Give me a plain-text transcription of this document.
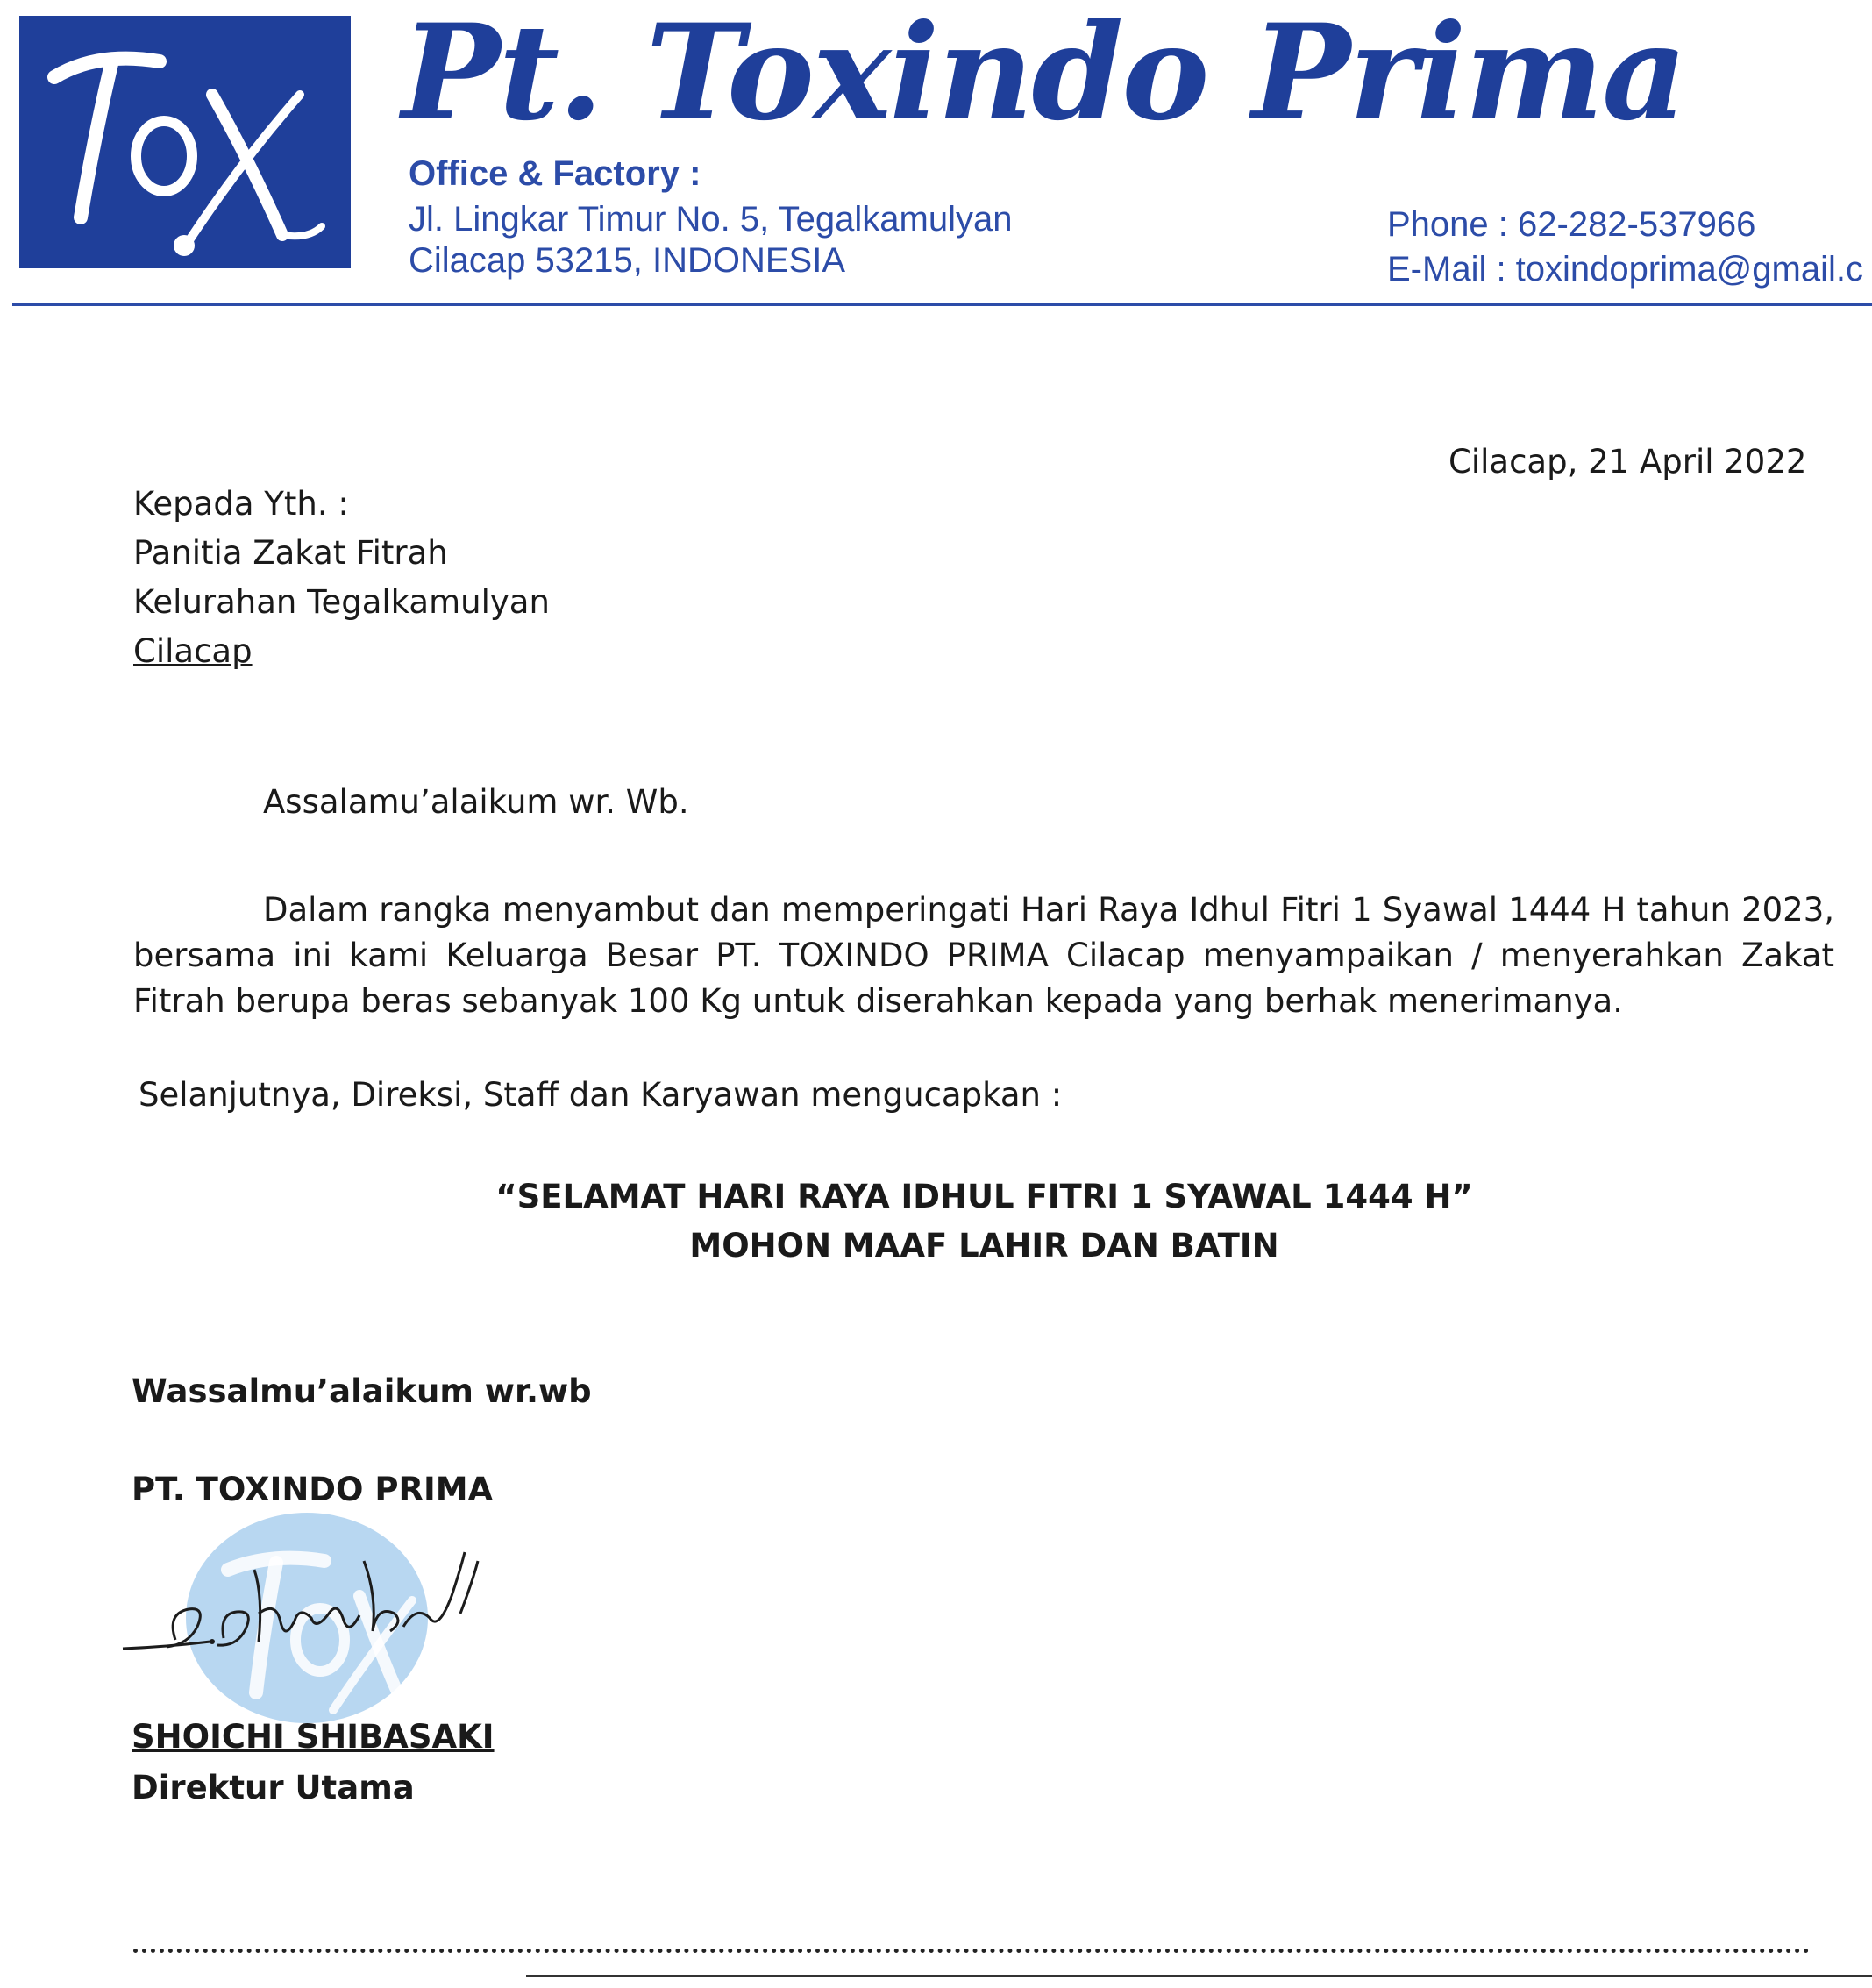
Pt. Toxindo Prima
Office & Factory :
Jl. Lingkar Timur No. 5, Tegalkamulyan
Cilacap 53215, INDONESIA
Phone : 62-282-537966
E-Mail : toxindoprima@gmail.c
Cilacap, 21 April 2022
Kepada Yth. :
Panitia Zakat Fitrah
Kelurahan Tegalkamulyan
Cilacap
Assalamu’alaikum wr. Wb.
Dalam rangka menyambut dan memperingati Hari Raya Idhul Fitri 1 Syawal 1444 H tahun 2023, bersama ini kami Keluarga Besar PT. TOXINDO PRIMA Cilacap menyampaikan / menyerahkan Zakat Fitrah berupa beras sebanyak 100 Kg untuk diserahkan kepada yang berhak menerimanya.
Selanjutnya, Direksi, Staff dan Karyawan mengucapkan :
“SELAMAT HARI RAYA IDHUL FITRI 1 SYAWAL 1444 H”
MOHON MAAF LAHIR DAN BATIN
Wassalmu’alaikum wr.wb
PT. TOXINDO PRIMA
SHOICHI SHIBASAKI
Direktur Utama
